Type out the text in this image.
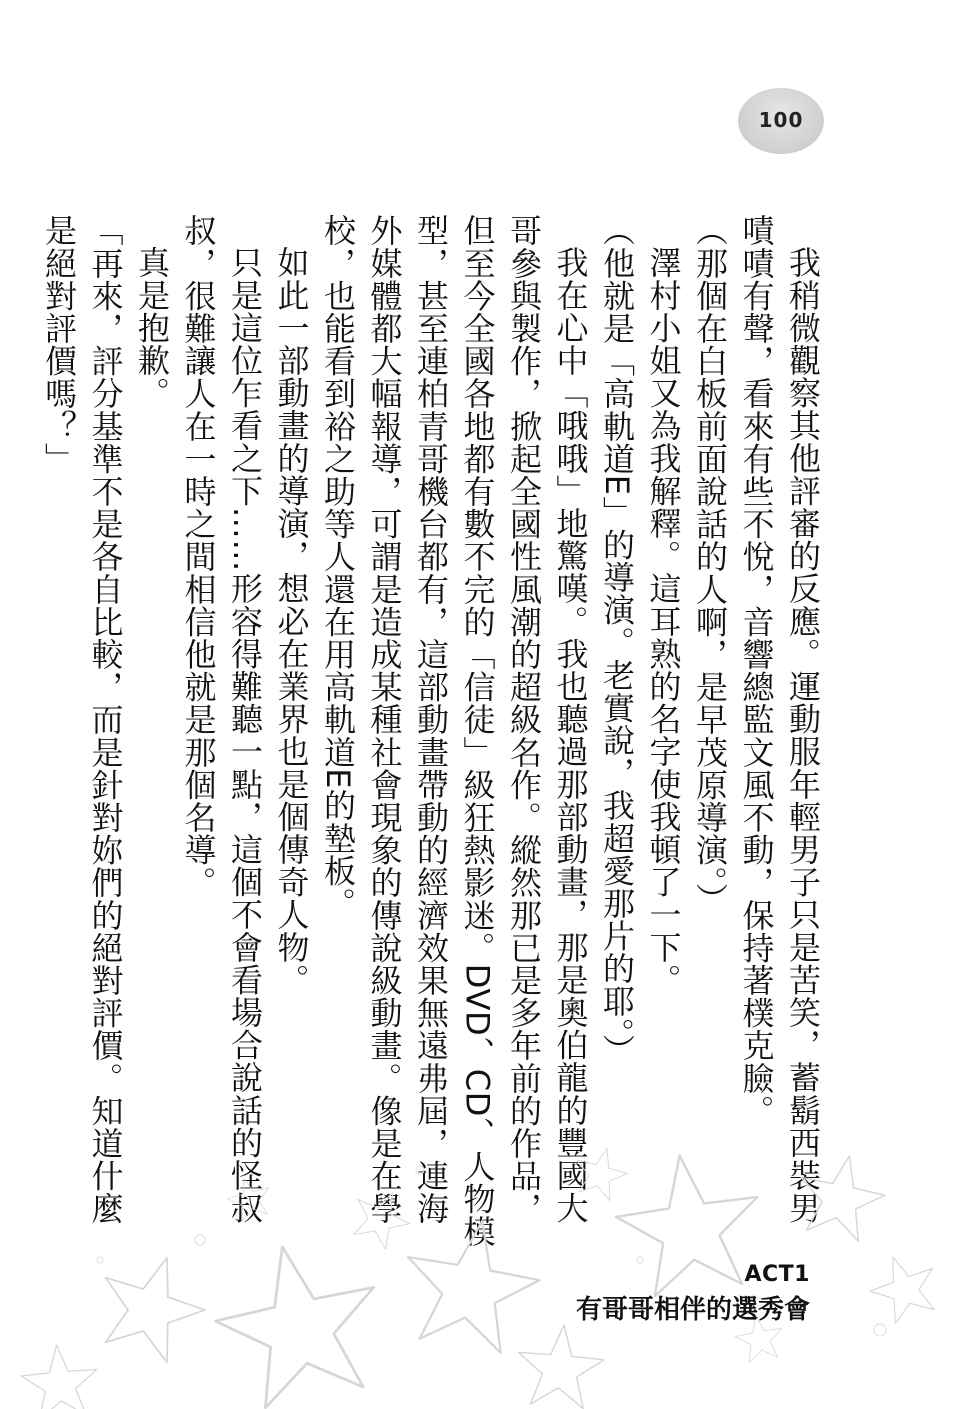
100

我稍微觀察其他評審的反應。運動服年輕男子只是苦笑，蓄鬍西裝男嘖嘖有聲，看來有些不悅，音響總監文風不動，保持著樸克臉。

（那個在白板前面說話的人啊，是早茂原導演。）

澤村小姐又為我解釋。這耳熟的名字使我頓了一下。

（他就是「高軌道E」的導演。老實說，我超愛那片的耶。）

我在心中「哦哦」地驚嘆。我也聽過那部動畫，那是奧伯龍的豐國大哥參與製作，掀起全國性風潮的超級名作。縱然那已是多年前的作品，但至今全國各地都有數不完的「信徒」級狂熱影迷。DVD、CD、人物模型，甚至連柏青哥機台都有，這部動畫帶動的經濟效果無遠弗屆，連海外媒體都大幅報導，可謂是造成某種社會現象的傳說級動畫。像是在學校，也能看到裕之助等人還在用高軌道E的墊板。

如此一部動畫的導演，想必在業界也是個傳奇人物。

只是這位乍看之下……形容得難聽一點，這個不會看場合說話的怪叔叔，很難讓人在一時之間相信他就是那個名導。

真是抱歉。

「再來，評分基準不是各自比較，而是針對妳們的絕對評價。知道什麼是絕對評價嗎？」

ACT1
有哥哥相伴的選秀會
